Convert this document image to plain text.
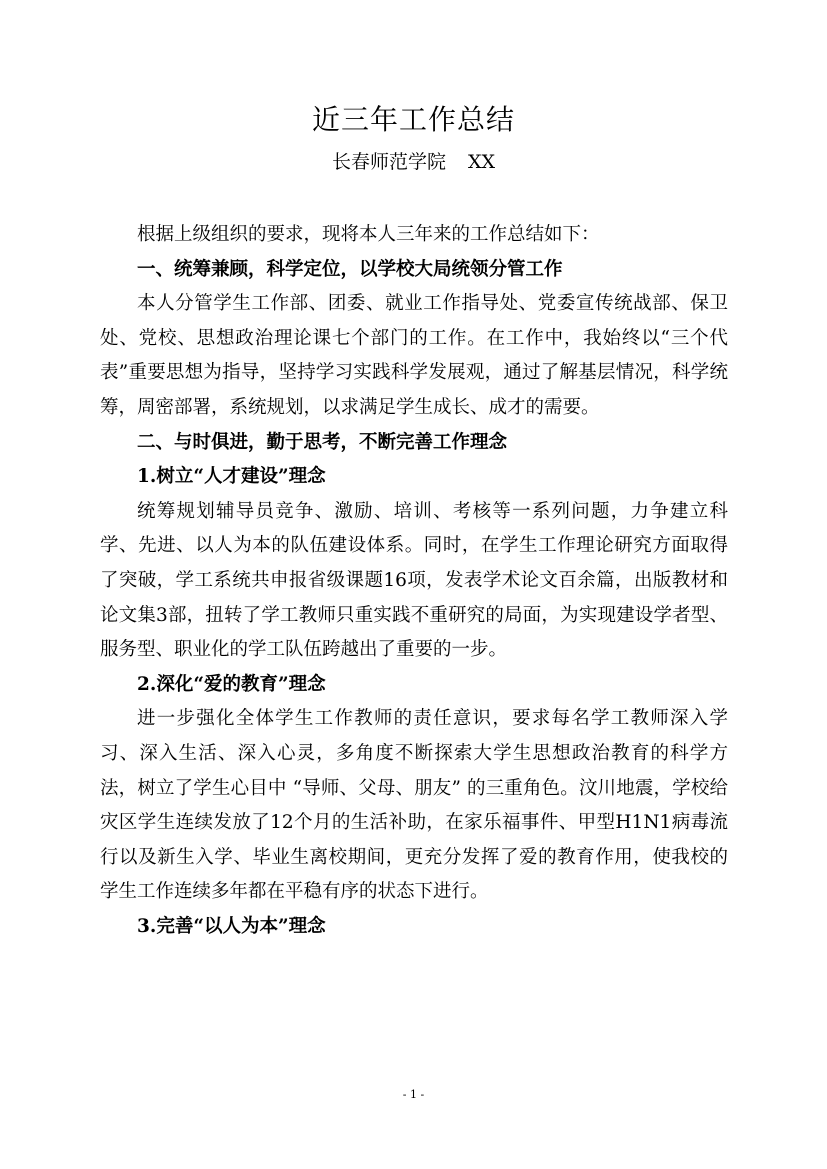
近三年工作总结
长春师范学院 XX

根据上级组织的要求，现将本人三年来的工作总结如下：

一、统筹兼顾，科学定位，以学校大局统领分管工作

本人分管学生工作部、团委、就业工作指导处、党委宣传统战部、保卫处、党校、思想政治理论课七个部门的工作。在工作中，我始终以“三个代表”重要思想为指导，坚持学习实践科学发展观，通过了解基层情况，科学统筹，周密部署，系统规划，以求满足学生成长、成才的需要。

二、与时俱进，勤于思考，不断完善工作理念

1.树立“人才建设”理念

统筹规划辅导员竞争、激励、培训、考核等一系列问题，力争建立科学、先进、以人为本的队伍建设体系。同时，在学生工作理论研究方面取得了突破，学工系统共申报省级课题16项，发表学术论文百余篇，出版教材和论文集3部，扭转了学工教师只重实践不重研究的局面，为实现建设学者型、服务型、职业化的学工队伍跨越出了重要的一步。

2.深化“爱的教育”理念

进一步强化全体学生工作教师的责任意识，要求每名学工教师深入学习、深入生活、深入心灵，多角度不断探索大学生思想政治教育的科学方法，树立了学生心目中 “导师、父母、朋友” 的三重角色。汶川地震，学校给灾区学生连续发放了12个月的生活补助，在家乐福事件、甲型H1N1病毒流行以及新生入学、毕业生离校期间，更充分发挥了爱的教育作用，使我校的学生工作连续多年都在平稳有序的状态下进行。

3.完善“以人为本”理念

- 1 -
